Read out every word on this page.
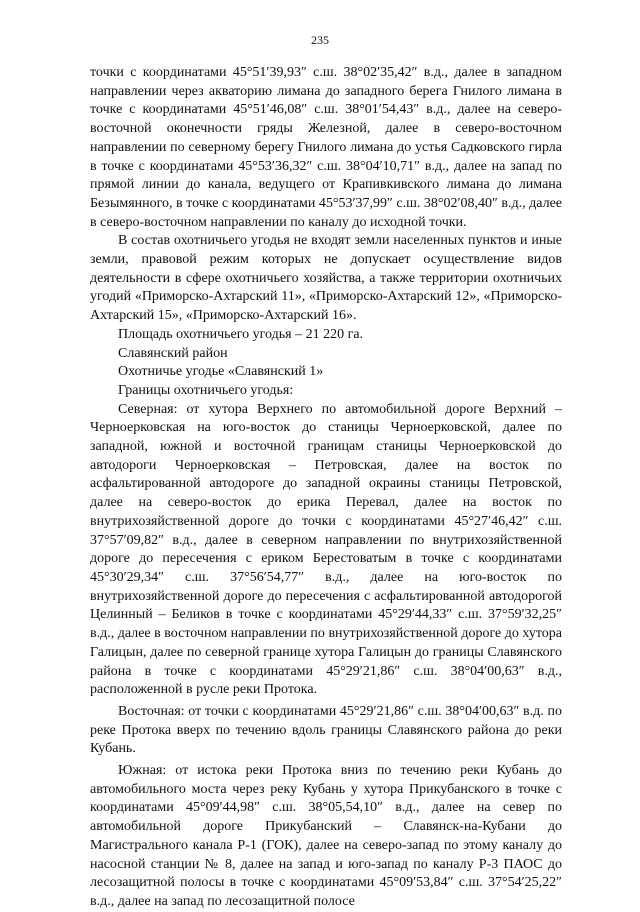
235

точки с координатами 45°51′39,93″ с.ш. 38°02′35,42″ в.д., далее в западном направлении через акваторию лимана до западного берега Гнилого лимана в точке с координатами 45°51′46,08″ с.ш. 38°01′54,43″ в.д., далее на северо-восточной оконечности гряды Железной, далее в северо-восточном направлении по северному берегу Гнилого лимана до устья Садковского гирла в точке с координатами 45°53′36,32″ с.ш. 38°04′10,71″ в.д., далее на запад по прямой линии до канала, ведущего от Крапивкивского лимана до лимана Безымянного, в точке с координатами 45°53′37,99″ с.ш. 38°02′08,40″ в.д., далее в северо-восточном направлении по каналу до исходной точки.

В состав охотничьего угодья не входят земли населенных пунктов и иные земли, правовой режим которых не допускает осуществление видов деятельности в сфере охотничьего хозяйства, а также территории охотничьих угодий «Приморско-Ахтарский 11», «Приморско-Ахтарский 12», «Приморско-Ахтарский 15», «Приморско-Ахтарский 16».

Площадь охотничьего угодья – 21 220 га.

Славянский район

Охотничье угодье «Славянский 1»

Границы охотничьего угодья:

Северная: от хутора Верхнего по автомобильной дороге Верхний – Черноерковская на юго-восток до станицы Черноерковской, далее по западной, южной и восточной границам станицы Черноерковской до автодороги Черноерковская – Петровская, далее на восток по асфальтированной автодороге до западной окраины станицы Петровской, далее на северо-восток до ерика Перевал, далее на восток по внутрихозяйственной дороге до точки с координатами 45°27′46,42″ с.ш. 37°57′09,82″ в.д., далее в северном направлении по внутрихозяйственной дороге до пересечения с ериком Берестоватым в точке с координатами 45°30′29,34″ с.ш. 37°56′54,77″ в.д., далее на юго-восток по внутрихозяйственной дороге до пересечения с асфальтированной автодорогой Целинный – Беликов в точке с координатами 45°29′44,33″ с.ш. 37°59′32,25″ в.д., далее в восточном направлении по внутрихозяйственной дороге до хутора Галицын, далее по северной границе хутора Галицын до границы Славянского района в точке с координатами 45°29′21,86″ с.ш. 38°04′00,63″ в.д., расположенной в русле реки Протока.

Восточная: от точки с координатами 45°29′21,86″ с.ш. 38°04′00,63″ в.д. по реке Протока вверх по течению вдоль границы Славянского района до реки Кубань.

Южная: от истока реки Протока вниз по течению реки Кубань до автомобильного моста через реку Кубань у хутора Прикубанского в точке с координатами 45°09′44,98″ с.ш. 38°05,54,10″ в.д., далее на север по автомобильной дороге Прикубанский – Славянск-на-Кубани до Магистрального канала Р-1 (ГОК), далее на северо-запад по этому каналу до насосной станции № 8, далее на запад и юго-запад по каналу Р-3 ПАОС до лесозащитной полосы в точке с координатами 45°09′53,84″ с.ш. 37°54′25,22″ в.д., далее на запад по лесозащитной полосе
